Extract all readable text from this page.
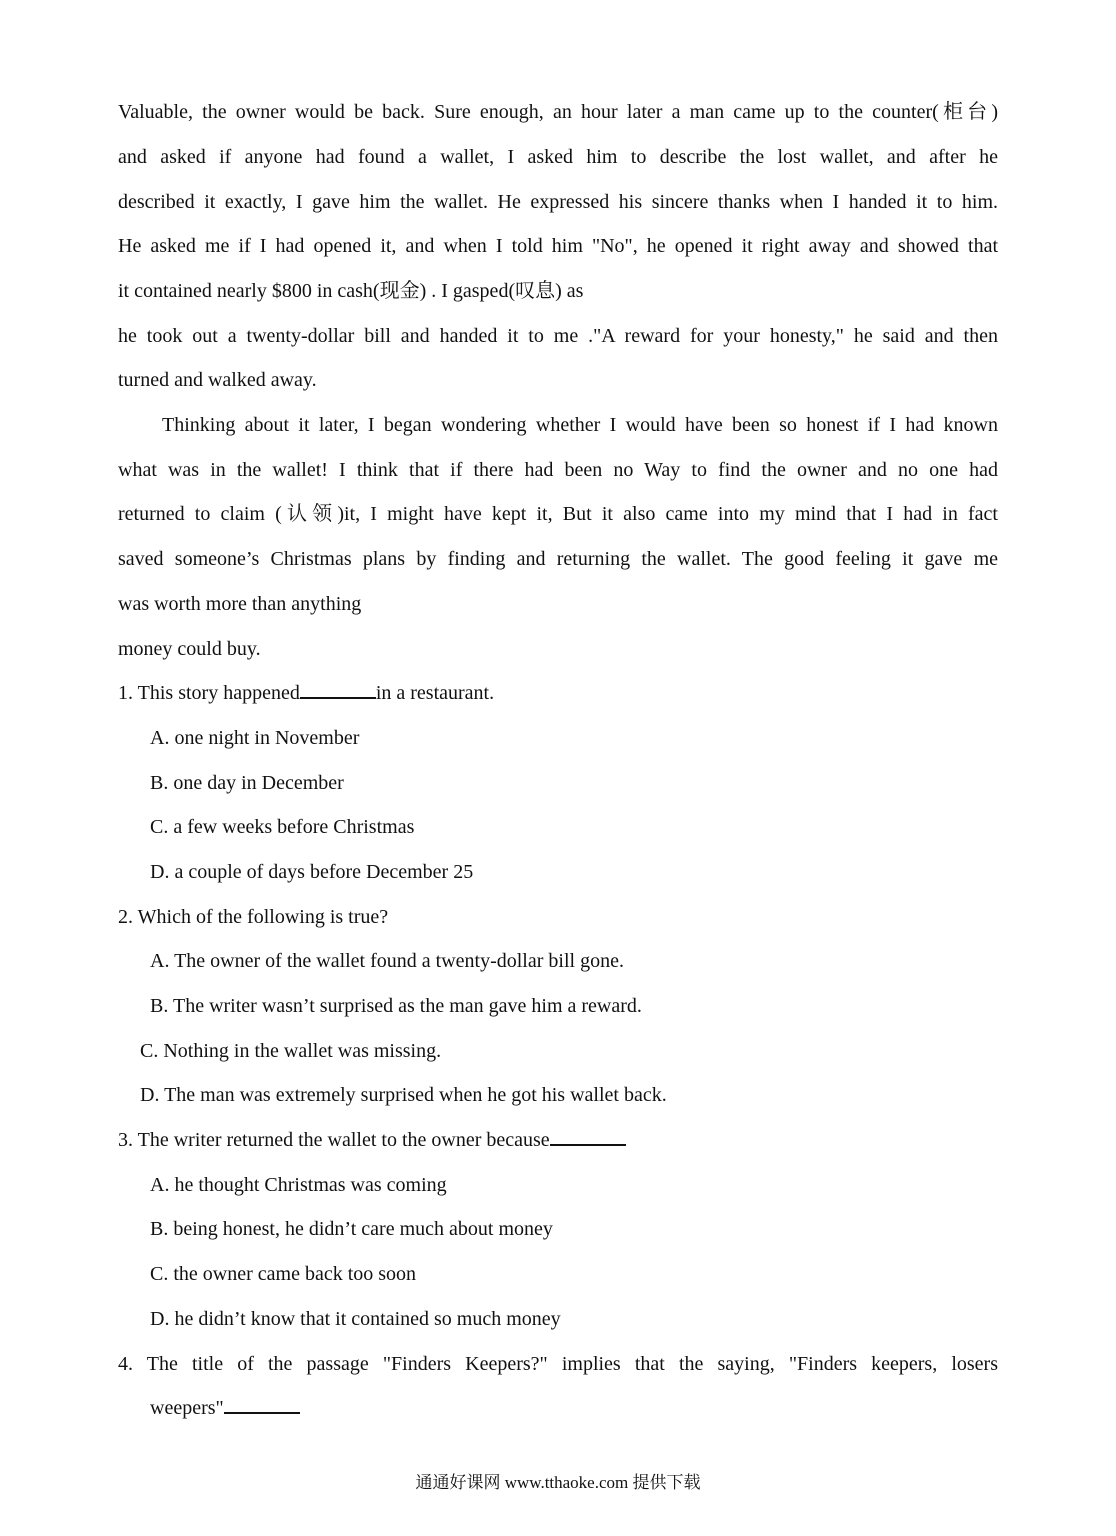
Valuable, the owner would be back. Sure enough, an hour later a man came up to the counter(柜台)
and asked if anyone had found a wallet, I asked him to describe the lost wallet, and after he
described it exactly, I gave him the wallet. He expressed his sincere thanks when I handed it to him.
He asked me if I had opened it, and when I told him "No", he opened it right away and showed that
it contained nearly $800 in cash(现金) . I gasped(叹息) as
he took out a twenty-dollar bill and handed it to me ."A reward for your honesty," he said and then
turned and walked away.
Thinking about it later, I began wondering whether I would have been so honest if I had known
what was in the wallet! I think that if there had been no Way to find the owner and no one had
returned to claim (认领)it, I might have kept it, But it also came into my mind that I had in fact
saved someone’s Christmas plans by finding and returning the wallet. The good feeling it gave me
was worth more than anything
money could buy.
1. This story happened	in a restaurant.
A. one night in November
B. one day in December
C. a few weeks before Christmas
D. a couple of days before December 25
2. Which of the following is true?
A. The owner of the wallet found a twenty-dollar bill gone.
B. The writer wasn’t surprised as the man gave him a reward.
C. Nothing in the wallet was missing.
D. The man was extremely surprised when he got his wallet back.
3. The writer returned the wallet to the owner because
A. he thought Christmas was coming
B. being honest, he didn’t care much about money
C. the owner came back too soon
D. he didn’t know that it contained so much money
4. The title of the passage "Finders Keepers?" implies that the saying, "Finders keepers, losers
weepers"
通通好课网 www.tthaoke.com 提供下载
